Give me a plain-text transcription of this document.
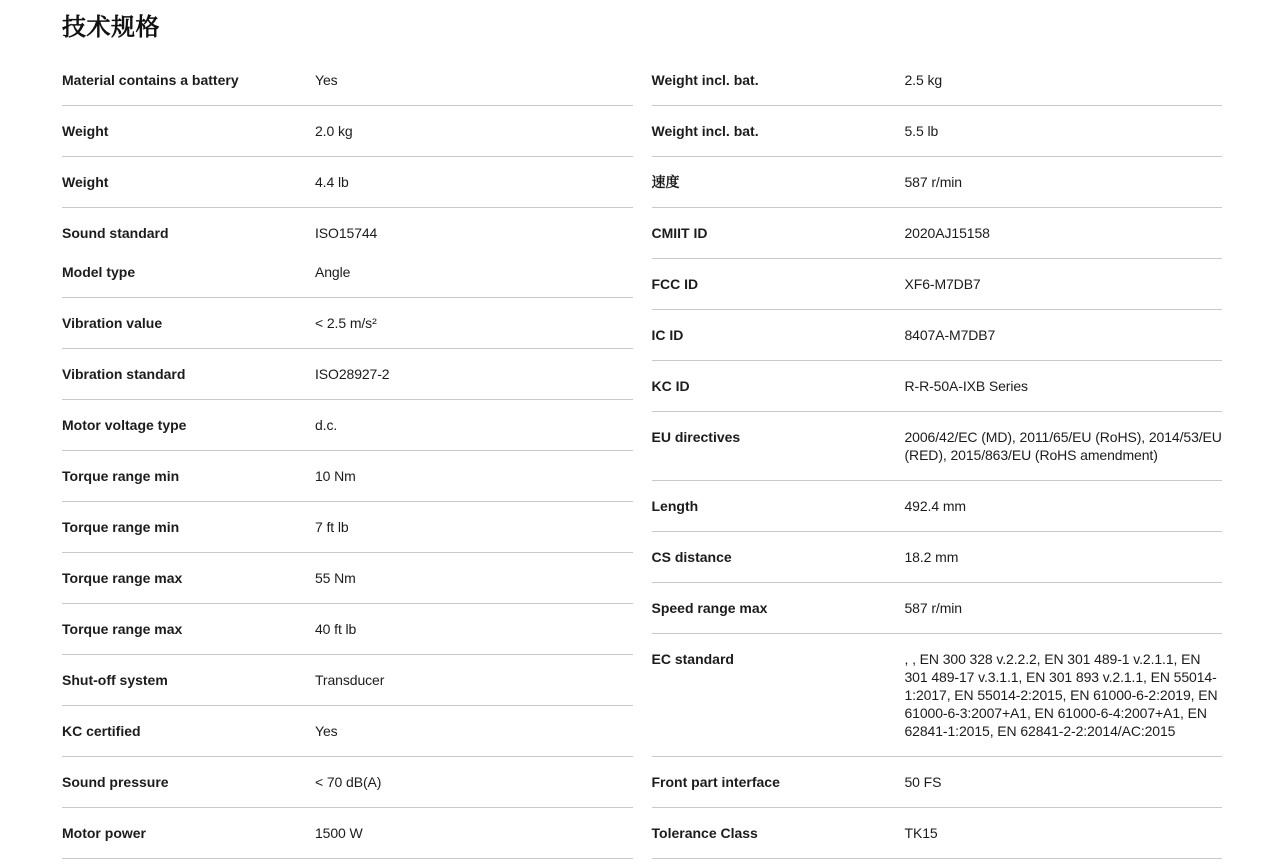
技术规格
Material contains a battery	Yes
Weight	2.0 kg
Weight	4.4 lb
Sound standard	ISO15744
Model type	Angle
Vibration value	< 2.5 m/s²
Vibration standard	ISO28927-2
Motor voltage type	d.c.
Torque range min	10 Nm
Torque range min	7 ft lb
Torque range max	55 Nm
Torque range max	40 ft lb
Shut-off system	Transducer
KC certified	Yes
Sound pressure	< 70 dB(A)
Motor power	1500 W
Weight incl. bat.	2.5 kg
Weight incl. bat.	5.5 lb
速度	587 r/min
CMIIT ID	2020AJ15158
FCC ID	XF6-M7DB7
IC ID	8407A-M7DB7
KC ID	R-R-50A-IXB Series
EU directives	2006/42/EC (MD), 2011/65/EU (RoHS), 2014/53/EU (RED), 2015/863/EU (RoHS amendment)
Length	492.4 mm
CS distance	18.2 mm
Speed range max	587 r/min
EC standard	, , EN 300 328 v.2.2.2, EN 301 489-1 v.2.1.1, EN 301 489-17 v.3.1.1, EN 301 893 v.2.1.1, EN 55014-1:2017, EN 55014-2:2015, EN 61000-6-2:2019, EN 61000-6-3:2007+A1, EN 61000-6-4:2007+A1, EN 62841-1:2015, EN 62841-2-2:2014/AC:2015
Front part interface	50 FS
Tolerance Class	TK15
